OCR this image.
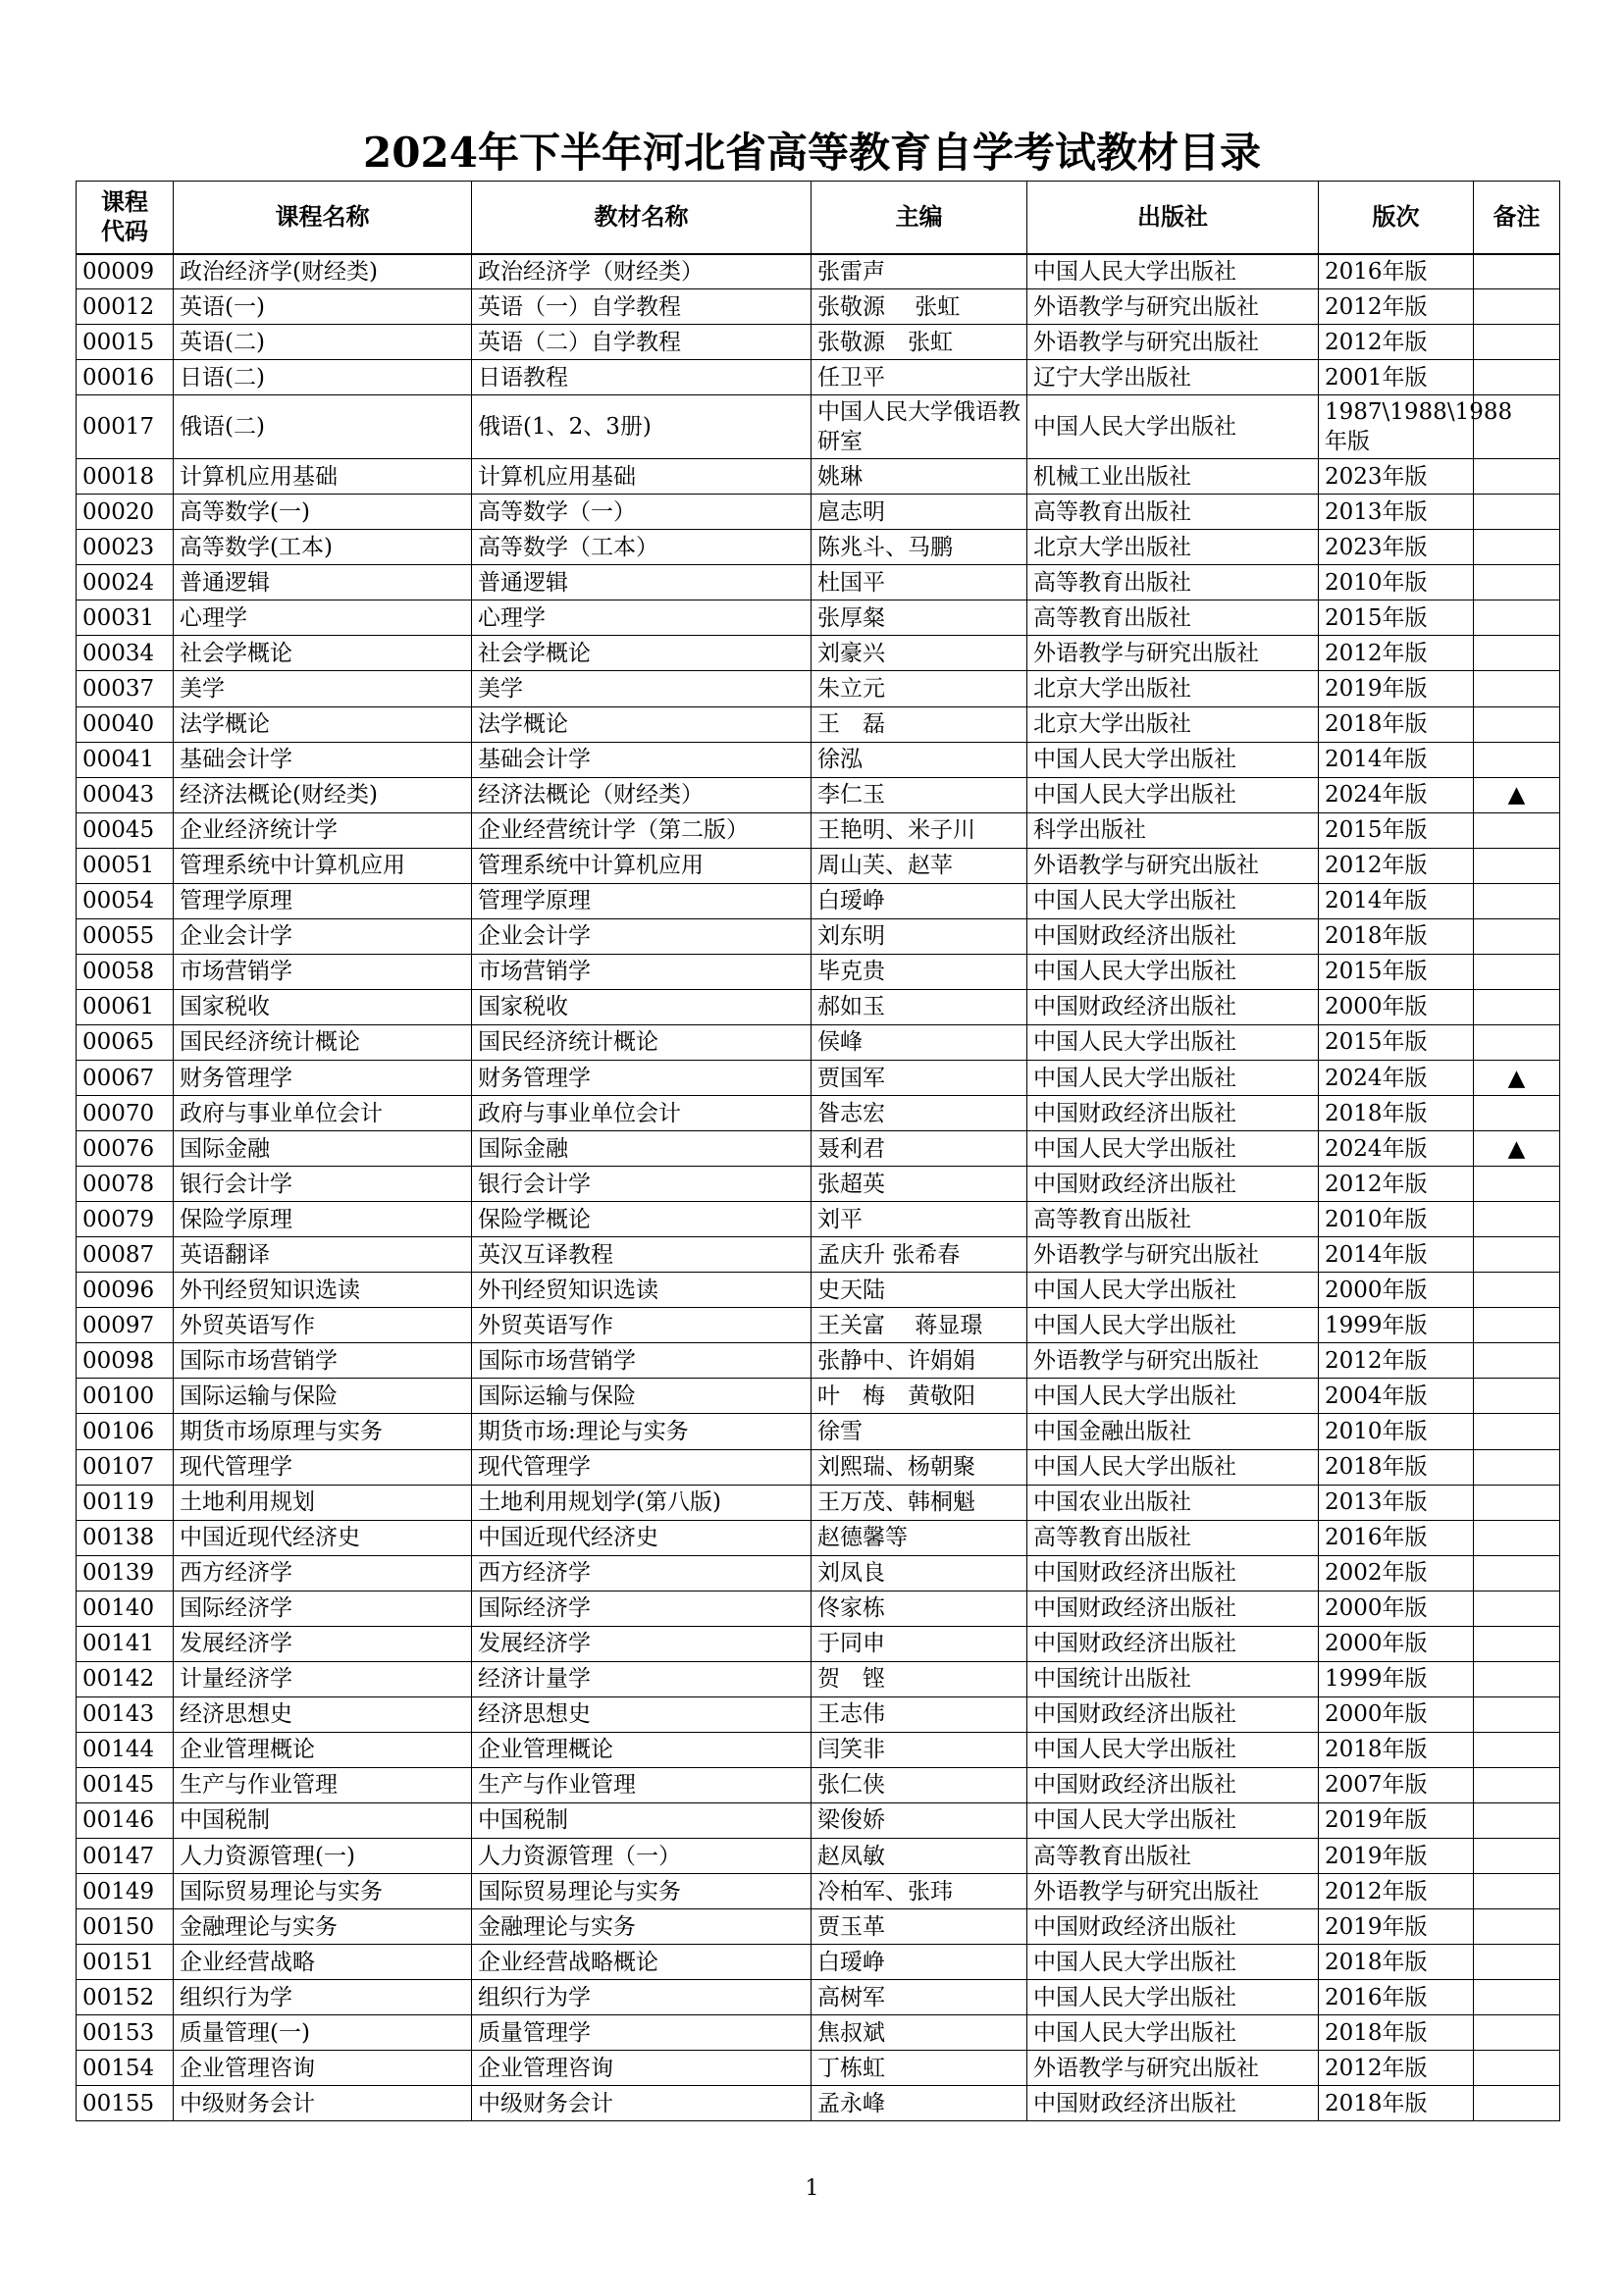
2024年下半年河北省高等教育自学考试教材目录
课程
代码	课程名称	教材名称	主编	出版社	版次	备注
00009	政治经济学(财经类)	政治经济学（财经类）	张雷声	中国人民大学出版社	2016年版	
00012	英语(一)	英语（一）自学教程	张敬源　 张虹	外语教学与研究出版社	2012年版	
00015	英语(二)	英语（二）自学教程	张敬源　张虹	外语教学与研究出版社	2012年版	
00016	日语(二)	日语教程	任卫平	辽宁大学出版社	2001年版	
00017	俄语(二)	俄语(1、2、3册)	中国人民大学俄语教研室	中国人民大学出版社	1987\1988\1988年版	
00018	计算机应用基础	计算机应用基础	姚琳	机械工业出版社	2023年版	
00020	高等数学(一)	高等数学（一）	扈志明	高等教育出版社	2013年版	
00023	高等数学(工本)	高等数学（工本）	陈兆斗、马鹏	北京大学出版社	2023年版	
00024	普通逻辑	普通逻辑	杜国平	高等教育出版社	2010年版	
00031	心理学	心理学	张厚粲	高等教育出版社	2015年版	
00034	社会学概论	社会学概论	刘豪兴	外语教学与研究出版社	2012年版	
00037	美学	美学	朱立元	北京大学出版社	2019年版	
00040	法学概论	法学概论	王　磊	北京大学出版社	2018年版	
00041	基础会计学	基础会计学	徐泓	中国人民大学出版社	2014年版	
00043	经济法概论(财经类)	经济法概论（财经类）	李仁玉	中国人民大学出版社	2024年版	▲
00045	企业经济统计学	企业经营统计学（第二版）	王艳明、米子川	科学出版社	2015年版	
00051	管理系统中计算机应用	管理系统中计算机应用	周山芙、赵苹	外语教学与研究出版社	2012年版	
00054	管理学原理	管理学原理	白瑷峥	中国人民大学出版社	2014年版	
00055	企业会计学	企业会计学	刘东明	中国财政经济出版社	2018年版	
00058	市场营销学	市场营销学	毕克贵	中国人民大学出版社	2015年版	
00061	国家税收	国家税收	郝如玉	中国财政经济出版社	2000年版	
00065	国民经济统计概论	国民经济统计概论	侯峰	中国人民大学出版社	2015年版	
00067	财务管理学	财务管理学	贾国军	中国人民大学出版社	2024年版	▲
00070	政府与事业单位会计	政府与事业单位会计	昝志宏	中国财政经济出版社	2018年版	
00076	国际金融	国际金融	聂利君	中国人民大学出版社	2024年版	▲
00078	银行会计学	银行会计学	张超英	中国财政经济出版社	2012年版	
00079	保险学原理	保险学概论	刘平	高等教育出版社	2010年版	
00087	英语翻译	英汉互译教程	孟庆升 张希春	外语教学与研究出版社	2014年版	
00096	外刊经贸知识选读	外刊经贸知识选读	史天陆	中国人民大学出版社	2000年版	
00097	外贸英语写作	外贸英语写作	王关富　 蒋显璟	中国人民大学出版社	1999年版	
00098	国际市场营销学	国际市场营销学	张静中、许娟娟	外语教学与研究出版社	2012年版	
00100	国际运输与保险	国际运输与保险	叶　梅　黄敬阳	中国人民大学出版社	2004年版	
00106	期货市场原理与实务	期货市场:理论与实务	徐雪	中国金融出版社	2010年版	
00107	现代管理学	现代管理学	刘熙瑞、杨朝聚	中国人民大学出版社	2018年版	
00119	土地利用规划	土地利用规划学(第八版)	王万茂、韩桐魁	中国农业出版社	2013年版	
00138	中国近现代经济史	中国近现代经济史	赵德馨等	高等教育出版社	2016年版	
00139	西方经济学	西方经济学	刘凤良	中国财政经济出版社	2002年版	
00140	国际经济学	国际经济学	佟家栋	中国财政经济出版社	2000年版	
00141	发展经济学	发展经济学	于同申	中国财政经济出版社	2000年版	
00142	计量经济学	经济计量学	贺　铿	中国统计出版社	1999年版	
00143	经济思想史	经济思想史	王志伟	中国财政经济出版社	2000年版	
00144	企业管理概论	企业管理概论	闫笑非	中国人民大学出版社	2018年版	
00145	生产与作业管理	生产与作业管理	张仁侠	中国财政经济出版社	2007年版	
00146	中国税制	中国税制	梁俊娇	中国人民大学出版社	2019年版	
00147	人力资源管理(一)	人力资源管理（一）	赵凤敏	高等教育出版社	2019年版	
00149	国际贸易理论与实务	国际贸易理论与实务	冷柏军、张玮	外语教学与研究出版社	2012年版	
00150	金融理论与实务	金融理论与实务	贾玉革	中国财政经济出版社	2019年版	
00151	企业经营战略	企业经营战略概论	白瑷峥	中国人民大学出版社	2018年版	
00152	组织行为学	组织行为学	高树军	中国人民大学出版社	2016年版	
00153	质量管理(一)	质量管理学	焦叔斌	中国人民大学出版社	2018年版	
00154	企业管理咨询	企业管理咨询	丁栋虹	外语教学与研究出版社	2012年版	
00155	中级财务会计	中级财务会计	孟永峰	中国财政经济出版社	2018年版	
1
